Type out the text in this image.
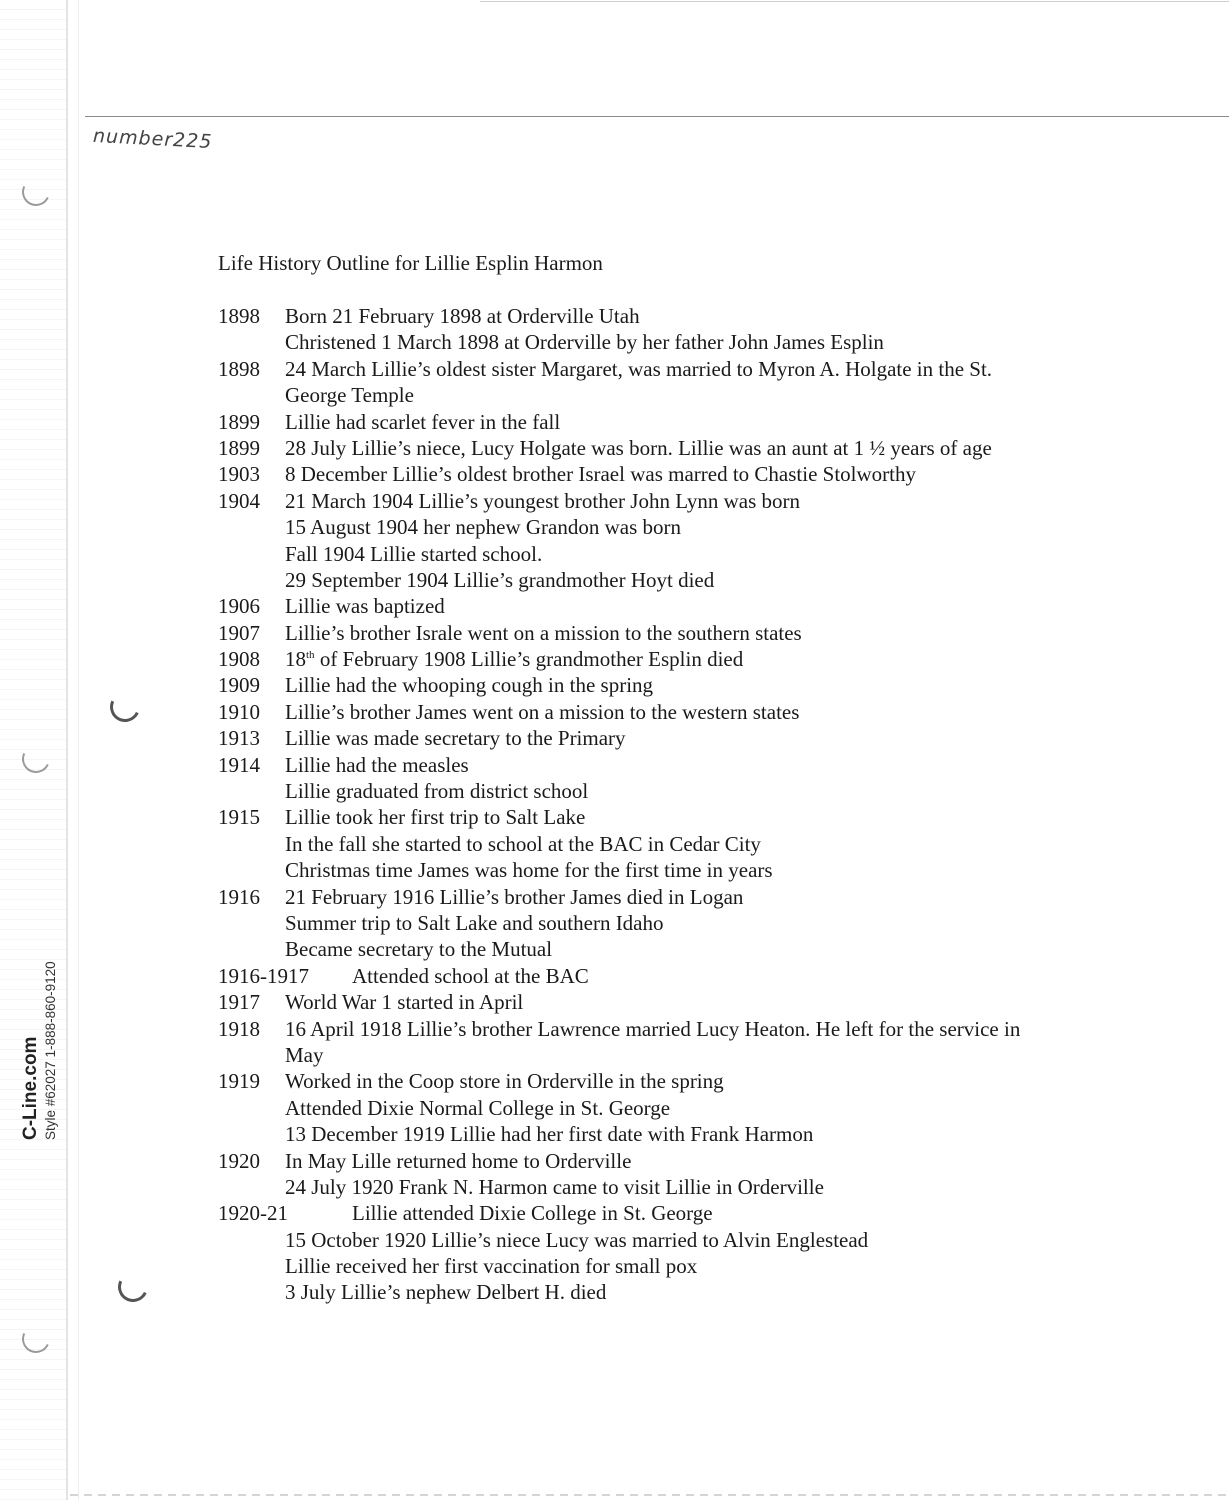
C-Line.com Style #62027 1-888-860-9120
number225
Life History Outline for Lillie Esplin Harmon
1898 Born 21 February 1898 at Orderville Utah
Christened 1 March 1898 at Orderville by her father John James Esplin
1898 24 March Lillie’s oldest sister Margaret, was married to Myron A. Holgate in the St.
George Temple
1899 Lillie had scarlet fever in the fall
1899 28 July Lillie’s niece, Lucy Holgate was born. Lillie was an aunt at 1 ½ years of age
1903 8 December Lillie’s oldest brother Israel was marred to Chastie Stolworthy
1904 21 March 1904 Lillie’s youngest brother John Lynn was born
15 August 1904 her nephew Grandon was born
Fall 1904 Lillie started school.
29 September 1904 Lillie’s grandmother Hoyt died
1906 Lillie was baptized
1907 Lillie’s brother Israle went on a mission to the southern states
1908 18th of February 1908 Lillie’s grandmother Esplin died
1909 Lillie had the whooping cough in the spring
1910 Lillie’s brother James went on a mission to the western states
1913 Lillie was made secretary to the Primary
1914 Lillie had the measles
Lillie graduated from district school
1915 Lillie took her first trip to Salt Lake
In the fall she started to school at the BAC in Cedar City
Christmas time James was home for the first time in years
1916 21 February 1916 Lillie’s brother James died in Logan
Summer trip to Salt Lake and southern Idaho
Became secretary to the Mutual
1916-1917 Attended school at the BAC
1917 World War 1 started in April
1918 16 April 1918 Lillie’s brother Lawrence married Lucy Heaton. He left for the service in
May
1919 Worked in the Coop store in Orderville in the spring
Attended Dixie Normal College in St. George
13 December 1919 Lillie had her first date with Frank Harmon
1920 In May Lille returned home to Orderville
24 July 1920 Frank N. Harmon came to visit Lillie in Orderville
1920-21	Lillie attended Dixie College in St. George
15 October 1920 Lillie’s niece Lucy was married to Alvin Englestead
Lillie received her first vaccination for small pox
3 July Lillie’s nephew Delbert H. died
